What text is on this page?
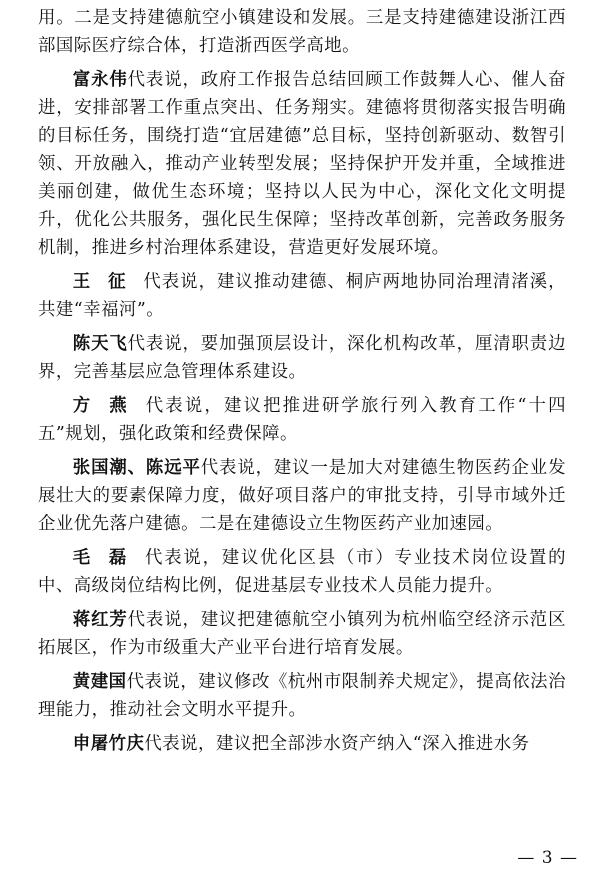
用。二是支持建德航空小镇建设和发展。三是支持建德建设浙江西部国际医疗综合体，打造浙西医学高地。

富永伟代表说，政府工作报告总结回顾工作鼓舞人心、催人奋进，安排部署工作重点突出、任务翔实。建德将贯彻落实报告明确的目标任务，围绕打造“宜居建德”总目标，坚持创新驱动、数智引领、开放融入，推动产业转型发展；坚持保护开发并重，全域推进美丽创建，做优生态环境；坚持以人民为中心，深化文化文明提升，优化公共服务，强化民生保障；坚持改革创新，完善政务服务机制，推进乡村治理体系建设，营造更好发展环境。

王征代表说，建议推动建德、桐庐两地协同治理清渚溪，共建“幸福河”。

陈天飞代表说，要加强顶层设计，深化机构改革，厘清职责边界，完善基层应急管理体系建设。

方燕代表说，建议把推进研学旅行列入教育工作“十四五”规划，强化政策和经费保障。

张国潮、陈远平代表说，建议一是加大对建德生物医药企业发展壮大的要素保障力度，做好项目落户的审批支持，引导市域外迁企业优先落户建德。二是在建德设立生物医药产业加速园。

毛磊代表说，建议优化区县（市）专业技术岗位设置的中、高级岗位结构比例，促进基层专业技术人员能力提升。

蒋红芳代表说，建议把建德航空小镇列为杭州临空经济示范区拓展区，作为市级重大产业平台进行培育发展。

黄建国代表说，建议修改《杭州市限制养犬规定》，提高依法治理能力，推动社会文明水平提升。

申屠竹庆代表说，建议把全部涉水资产纳入“深入推进水务

— 3 —
